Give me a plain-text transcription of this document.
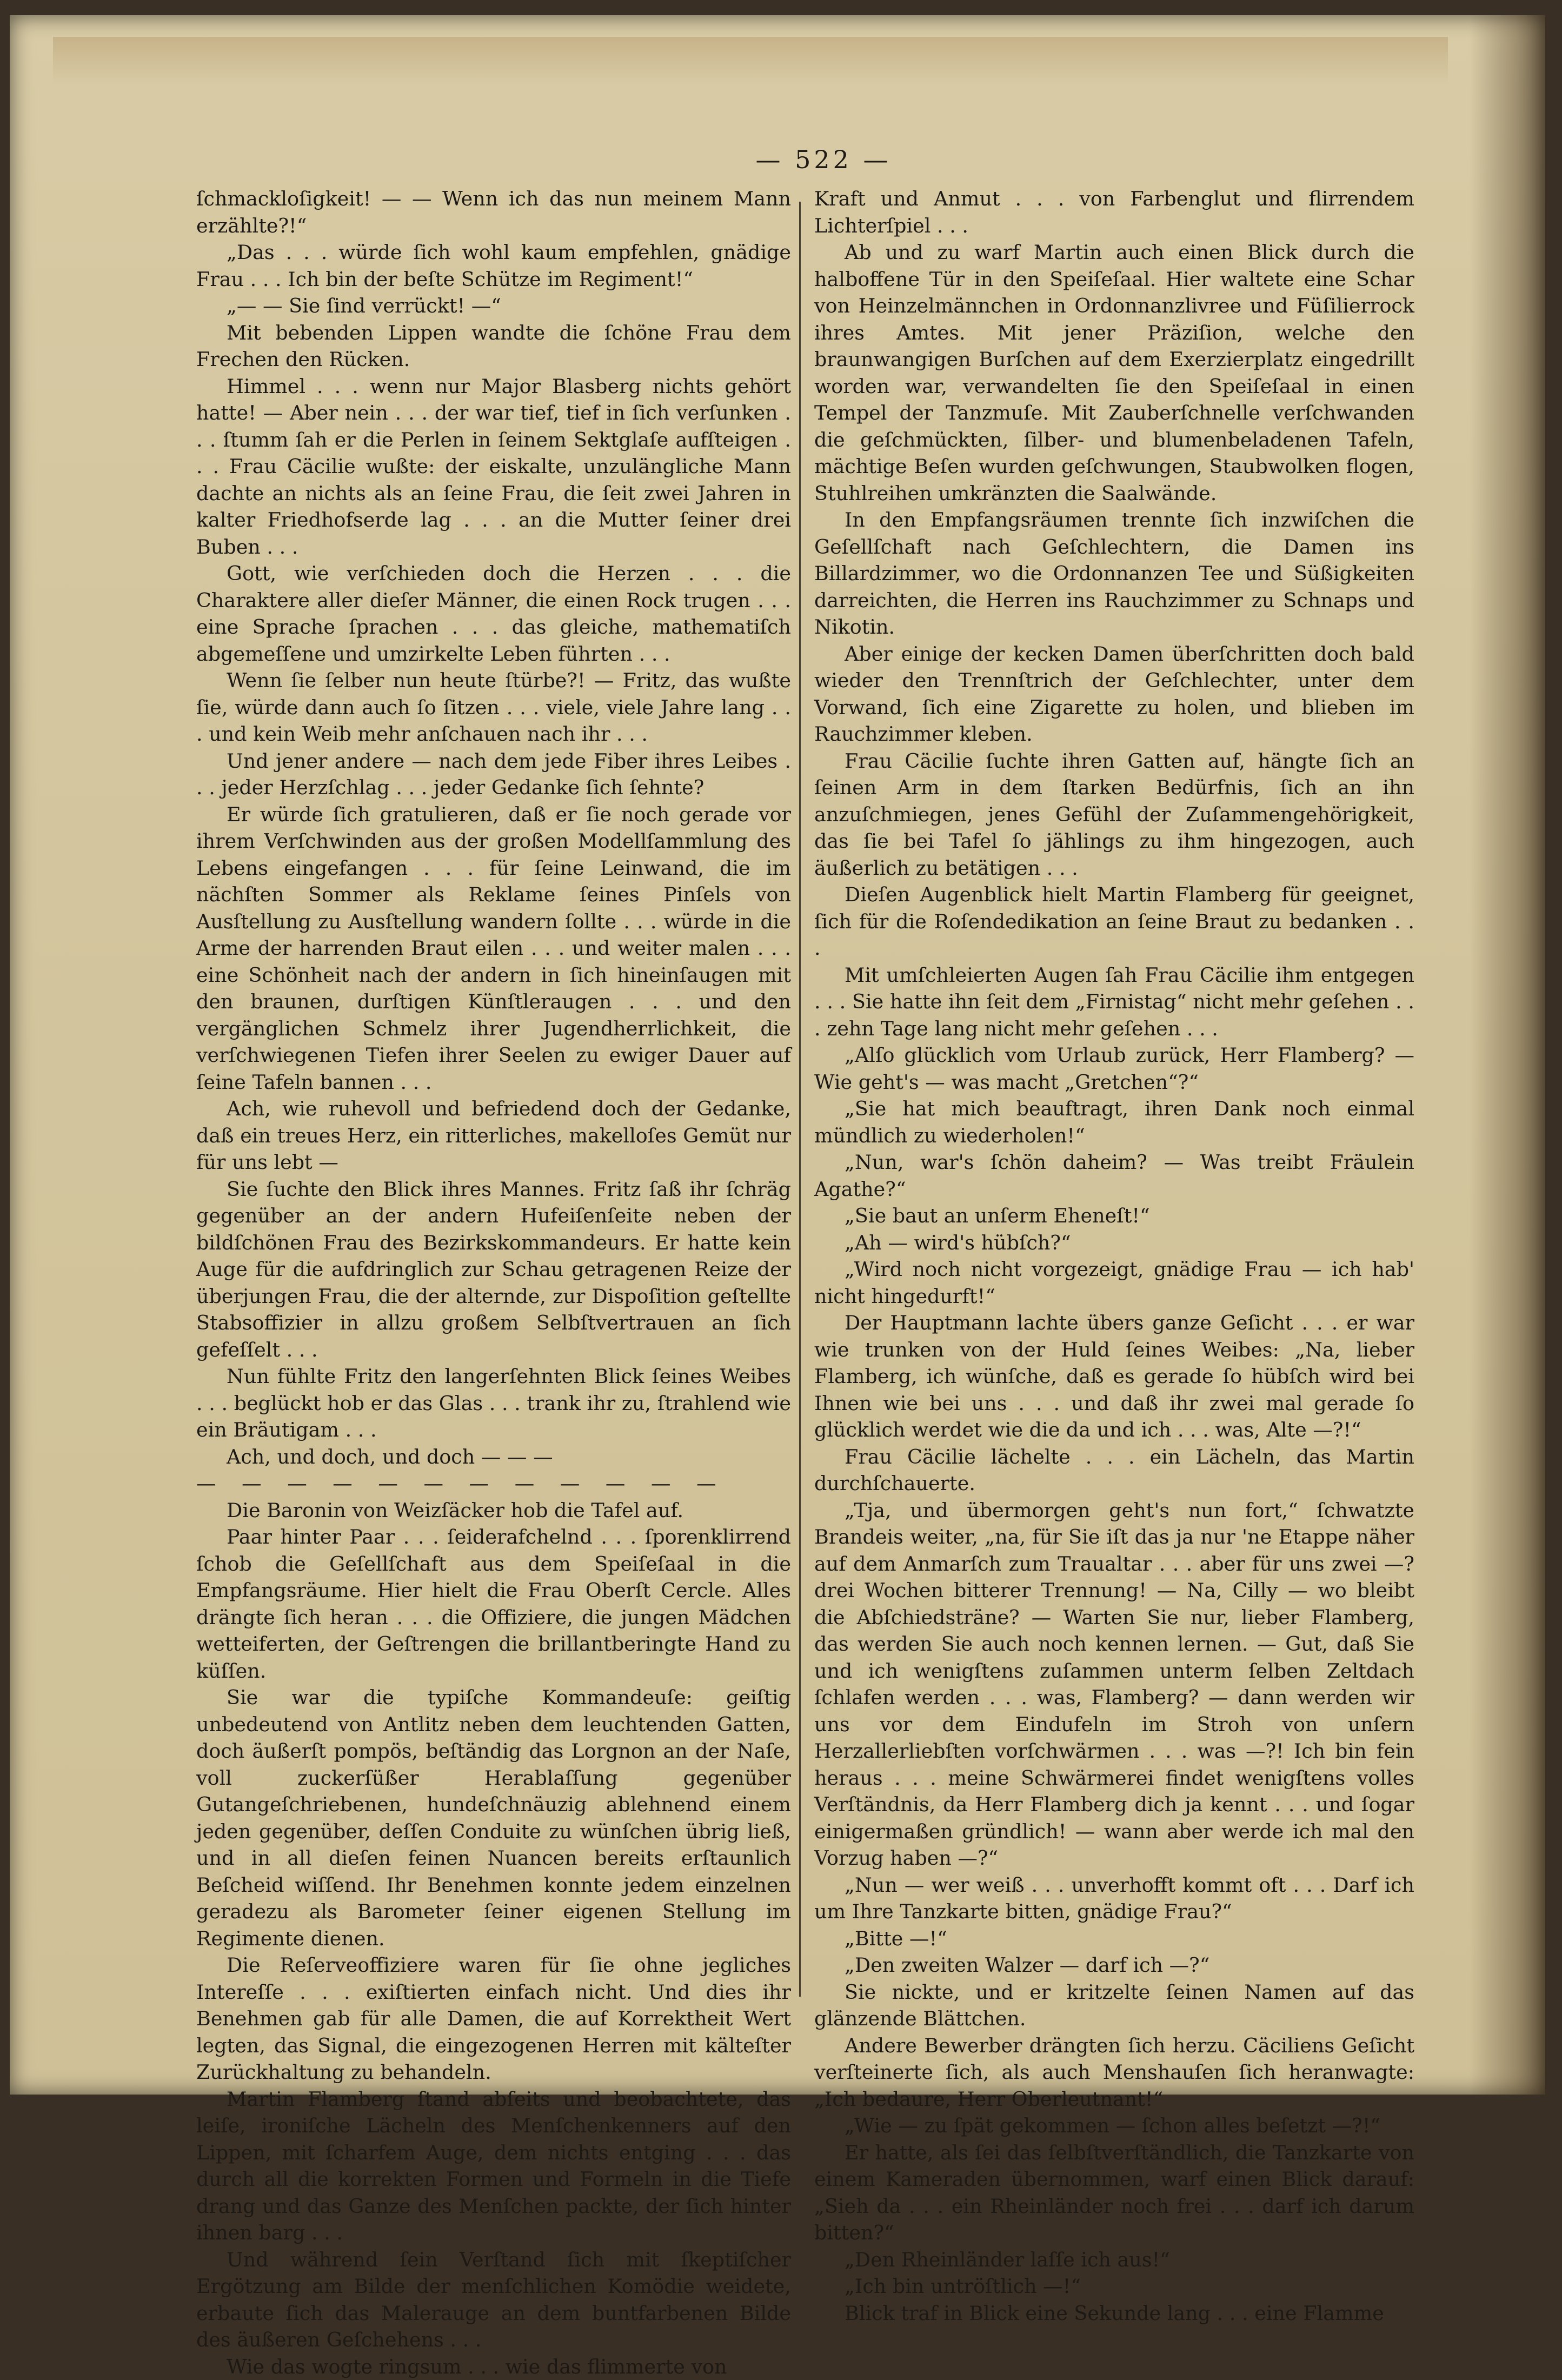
— 522 —

ſchmackloſigkeit! — — Wenn ich das nun meinem Mann erzählte?!“

„Das . . . würde ſich wohl kaum empfehlen, gnädige Frau . . . Ich bin der beſte Schütze im Regiment!“

„— — Sie ſind verrückt! —“

Mit bebenden Lippen wandte die ſchöne Frau dem Frechen den Rücken.

Himmel . . . wenn nur Major Blasberg nichts gehört hatte! — Aber nein . . . der war tief, tief in ſich verſunken . . . ſtumm ſah er die Perlen in ſeinem Sektglaſe aufſteigen . . . Frau Cäcilie wußte: der eiskalte, unzulängliche Mann dachte an nichts als an ſeine Frau, die ſeit zwei Jahren in kalter Friedhofserde lag . . . an die Mutter ſeiner drei Buben . . .

Gott, wie verſchieden doch die Herzen . . . die Charaktere aller dieſer Männer, die einen Rock trugen . . . eine Sprache ſprachen . . . das gleiche, mathematiſch abgemeſſene und umzirkelte Leben führten . . .

Wenn ſie ſelber nun heute ſtürbe?! — Fritz, das wußte ſie, würde dann auch ſo ſitzen . . . viele, viele Jahre lang . . . und kein Weib mehr anſchauen nach ihr . . .

Und jener andere — nach dem jede Fiber ihres Leibes . . . jeder Herzſchlag . . . jeder Gedanke ſich ſehnte?

Er würde ſich gratulieren, daß er ſie noch gerade vor ihrem Verſchwinden aus der großen Modellſammlung des Lebens eingefangen . . . für ſeine Leinwand, die im nächſten Sommer als Reklame ſeines Pinſels von Ausſtellung zu Ausſtellung wandern ſollte . . . würde in die Arme der harrenden Braut eilen . . . und weiter malen . . . eine Schönheit nach der andern in ſich hineinſaugen mit den braunen, durſtigen Künſtleraugen . . . und den vergänglichen Schmelz ihrer Jugendherrlichkeit, die verſchwiegenen Tiefen ihrer Seelen zu ewiger Dauer auf ſeine Tafeln bannen . . .

Ach, wie ruhevoll und befriedend doch der Gedanke, daß ein treues Herz, ein ritterliches, makelloſes Gemüt nur für uns lebt —

Sie ſuchte den Blick ihres Mannes. Fritz ſaß ihr ſchräg gegenüber an der andern Hufeiſenſeite neben der bildſchönen Frau des Bezirkskommandeurs. Er hatte kein Auge für die aufdringlich zur Schau getragenen Reize der überjungen Frau, die der alternde, zur Dispoſition geſtellte Stabsoffizier in allzu großem Selbſtvertrauen an ſich gefeſſelt . . .

Nun fühlte Fritz den langerſehnten Blick ſeines Weibes . . . beglückt hob er das Glas . . . trank ihr zu, ſtrahlend wie ein Bräutigam . . .

Ach, und doch, und doch — — —

— — — — — — — — — — — —

Die Baronin von Weizſäcker hob die Tafel auf.

Paar hinter Paar . . . ſeiderafchelnd . . . ſporenklirrend ſchob die Geſellſchaft aus dem Speiſeſaal in die Empfangsräume. Hier hielt die Frau Oberſt Cercle. Alles drängte ſich heran . . . die Offiziere, die jungen Mädchen wetteiferten, der Geſtrengen die brillantberingte Hand zu küſſen.

Sie war die typiſche Kommandeuſe: geiſtig unbedeutend von Antlitz neben dem leuchtenden Gatten, doch äußerſt pompös, beſtändig das Lorgnon an der Naſe, voll zuckerſüßer Herablaſſung gegenüber Gutangeſchriebenen, hundeſchnäuzig ablehnend einem jeden gegenüber, deſſen Conduite zu wünſchen übrig ließ, und in all dieſen feinen Nuancen bereits erſtaunlich Beſcheid wiſſend. Ihr Benehmen konnte jedem einzelnen geradezu als Barometer ſeiner eigenen Stellung im Regimente dienen.

Die Reſerveoffiziere waren für ſie ohne jegliches Intereſſe . . . exiſtierten einfach nicht. Und dies ihr Benehmen gab für alle Damen, die auf Korrektheit Wert legten, das Signal, die eingezogenen Herren mit kälteſter Zurückhaltung zu behandeln.

Martin Flamberg ſtand abſeits und beobachtete, das leiſe, ironiſche Lächeln des Menſchenkenners auf den Lippen, mit ſcharfem Auge, dem nichts entging . . . das durch all die korrekten Formen und Formeln in die Tiefe drang und das Ganze des Menſchen packte, der ſich hinter ihnen barg . . .

Und während ſein Verſtand ſich mit ſkeptiſcher Ergötzung am Bilde der menſchlichen Komödie weidete, erbaute ſich das Malerauge an dem buntfarbenen Bilde des äußeren Geſchehens . . .

Wie das wogte ringsum . . . wie das flimmerte von

Kraft und Anmut . . . von Farbenglut und flirrendem Lichterſpiel . . .

Ab und zu warf Martin auch einen Blick durch die halboffene Tür in den Speiſeſaal. Hier waltete eine Schar von Heinzelmännchen in Ordonnanzlivree und Füſilierrock ihres Amtes. Mit jener Präziſion, welche den braunwangigen Burſchen auf dem Exerzierplatz eingedrillt worden war, verwandelten ſie den Speiſeſaal in einen Tempel der Tanzmuſe. Mit Zauberſchnelle verſchwanden die geſchmückten, ſilber- und blumenbeladenen Tafeln, mächtige Beſen wurden geſchwungen, Staubwolken flogen, Stuhlreihen umkränzten die Saalwände.

In den Empfangsräumen trennte ſich inzwiſchen die Geſellſchaft nach Geſchlechtern, die Damen ins Billardzimmer, wo die Ordonnanzen Tee und Süßigkeiten darreichten, die Herren ins Rauchzimmer zu Schnaps und Nikotin.

Aber einige der kecken Damen überſchritten doch bald wieder den Trennſtrich der Geſchlechter, unter dem Vorwand, ſich eine Zigarette zu holen, und blieben im Rauchzimmer kleben.

Frau Cäcilie ſuchte ihren Gatten auf, hängte ſich an ſeinen Arm in dem ſtarken Bedürfnis, ſich an ihn anzuſchmiegen, jenes Gefühl der Zuſammengehörigkeit, das ſie bei Tafel ſo jählings zu ihm hingezogen, auch äußerlich zu betätigen . . .

Dieſen Augenblick hielt Martin Flamberg für geeignet, ſich für die Roſendedikation an ſeine Braut zu bedanken . . .

Mit umſchleierten Augen ſah Frau Cäcilie ihm entgegen . . . Sie hatte ihn ſeit dem „Firnistag“ nicht mehr geſehen . . . zehn Tage lang nicht mehr geſehen . . .

„Alſo glücklich vom Urlaub zurück, Herr Flamberg? — Wie geht's — was macht „Gretchen“?“

„Sie hat mich beauftragt, ihren Dank noch einmal mündlich zu wiederholen!“

„Nun, war's ſchön daheim? — Was treibt Fräulein Agathe?“

„Sie baut an unſerm Eheneſt!“

„Ah — wird's hübſch?“

„Wird noch nicht vorgezeigt, gnädige Frau — ich hab' nicht hingedurft!“

Der Hauptmann lachte übers ganze Geſicht . . . er war wie trunken von der Huld ſeines Weibes: „Na, lieber Flamberg, ich wünſche, daß es gerade ſo hübſch wird bei Ihnen wie bei uns . . . und daß ihr zwei mal gerade ſo glücklich werdet wie die da und ich . . . was, Alte —?!“

Frau Cäcilie lächelte . . . ein Lächeln, das Martin durchſchauerte.

„Tja, und übermorgen geht's nun fort,“ ſchwatzte Brandeis weiter, „na, für Sie iſt das ja nur 'ne Etappe näher auf dem Anmarſch zum Traualtar . . . aber für uns zwei —? drei Wochen bitterer Trennung! — Na, Cilly — wo bleibt die Abſchiedsträne? — Warten Sie nur, lieber Flamberg, das werden Sie auch noch kennen lernen. — Gut, daß Sie und ich wenigſtens zuſammen unterm ſelben Zeltdach ſchlafen werden . . . was, Flamberg? — dann werden wir uns vor dem Eindufeln im Stroh von unſern Herzallerliebſten vorſchwärmen . . . was —?! Ich bin fein heraus . . . meine Schwärmerei findet wenigſtens volles Verſtändnis, da Herr Flamberg dich ja kennt . . . und ſogar einigermaßen gründlich! — wann aber werde ich mal den Vorzug haben —?“

„Nun — wer weiß . . . unverhofft kommt oft . . . Darf ich um Ihre Tanzkarte bitten, gnädige Frau?“

„Bitte —!“

„Den zweiten Walzer — darf ich —?“

Sie nickte, und er kritzelte ſeinen Namen auf das glänzende Blättchen.

Andere Bewerber drängten ſich herzu. Cäciliens Geſicht verſteinerte ſich, als auch Menshauſen ſich heranwagte: „Ich bedaure, Herr Oberleutnant!“

„Wie — zu ſpät gekommen — ſchon alles beſetzt —?!“

Er hatte, als ſei das ſelbſtverſtändlich, die Tanzkarte von einem Kameraden übernommen, warf einen Blick darauf: „Sieh da . . . ein Rheinländer noch frei . . . darf ich darum bitten?“

„Den Rheinländer laſſe ich aus!“

„Ich bin untröſtlich —!“

Blick traf in Blick eine Sekunde lang . . . eine Flamme
